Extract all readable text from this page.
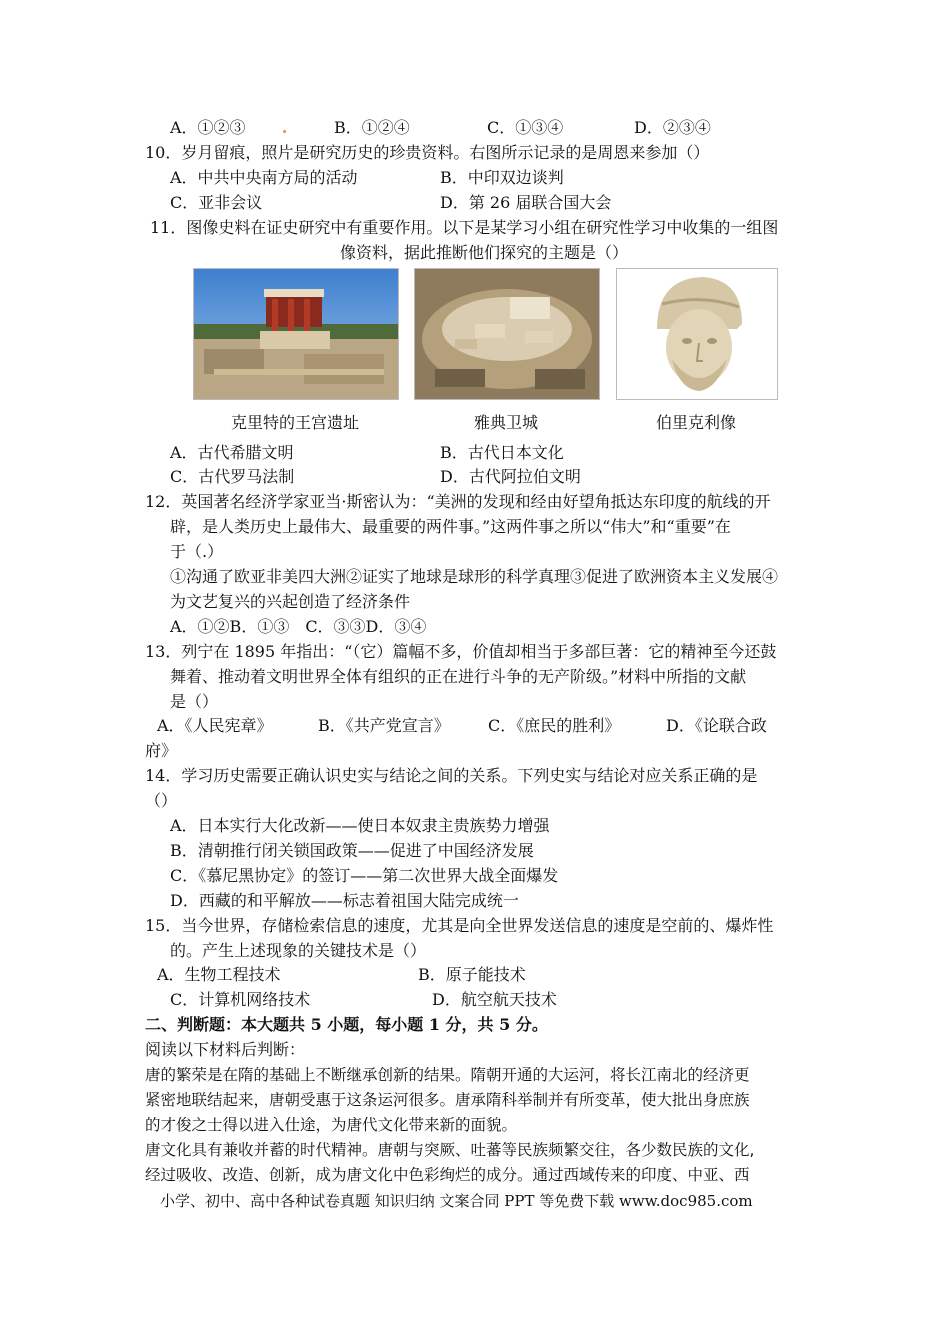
A．①②③	B．①②④	C．①③④	D．②③④
10．岁月留痕，照片是研究历史的珍贵资料。右图所示记录的是周恩来参加（）
A．中共中央南方局的活动	B．中印双边谈判
C．亚非会议	D．第 26 届联合国大会
11．图像史料在证史研究中有重要作用。以下是某学习小组在研究性学习中收集的一组图
像资料，据此推断他们探究的主题是（）
克里特的王宫遗址	雅典卫城	伯里克利像
A．古代希腊文明	B．古代日本文化
C．古代罗马法制	D．古代阿拉伯文明
12．英国著名经济学家亚当·斯密认为：“美洲的发现和经由好望角抵达东印度的航线的开
辟，是人类历史上最伟大、最重要的两件事。”这两件事之所以“伟大”和“重要”在
于（.）
①沟通了欧亚非美四大洲②证实了地球是球形的科学真理③促进了欧洲资本主义发展④
为文艺复兴的兴起创造了经济条件
A．①②B．①③　C．③③D．③④
13．列宁在 1895 年指出：“（它）篇幅不多，价值却相当于多部巨著：它的精神至今还鼓
舞着、推动着文明世界全体有组织的正在进行斗争的无产阶级。”材料中所指的文献
是（）
A．《人民宪章》	B．《共产党宣言》 C．《庶民的胜利》	D．《论联合政
府》
14．学习历史需要正确认识史实与结论之间的关系。下列史实与结论对应关系正确的是
（）
A．日本实行大化改新——使日本奴隶主贵族势力增强
B．清朝推行闭关锁国政策——促进了中国经济发展
C．《慕尼黑协定》的签订——第二次世界大战全面爆发
D．西藏的和平解放——标志着祖国大陆完成统一
15．当今世界，存储检索信息的速度，尤其是向全世界发送信息的速度是空前的、爆炸性
的。产生上述现象的关键技术是（）
A．生物工程技术	B．原子能技术
C．计算机网络技术	D．航空航天技术
二、判断题：本大题共 5 小题，每小题 1 分，共 5 分。
阅读以下材料后判断：
唐的繁荣是在隋的基础上不断继承创新的结果。隋朝开通的大运河，将长江南北的经济更
紧密地联结起来，唐朝受惠于这条运河很多。唐承隋科举制并有所变革，使大批出身庶族
的才俊之士得以进入仕途，为唐代文化带来新的面貌。
唐文化具有兼收并蓄的时代精神。唐朝与突厥、吐蕃等民族频繁交往，各少数民族的文化,
经过吸收、改造、创新，成为唐文化中色彩绚烂的成分。通过西域传来的印度、中亚、西
小学、初中、高中各种试卷真题 知识归纳 文案合同 PPT 等免费下载 www.doc985.com
